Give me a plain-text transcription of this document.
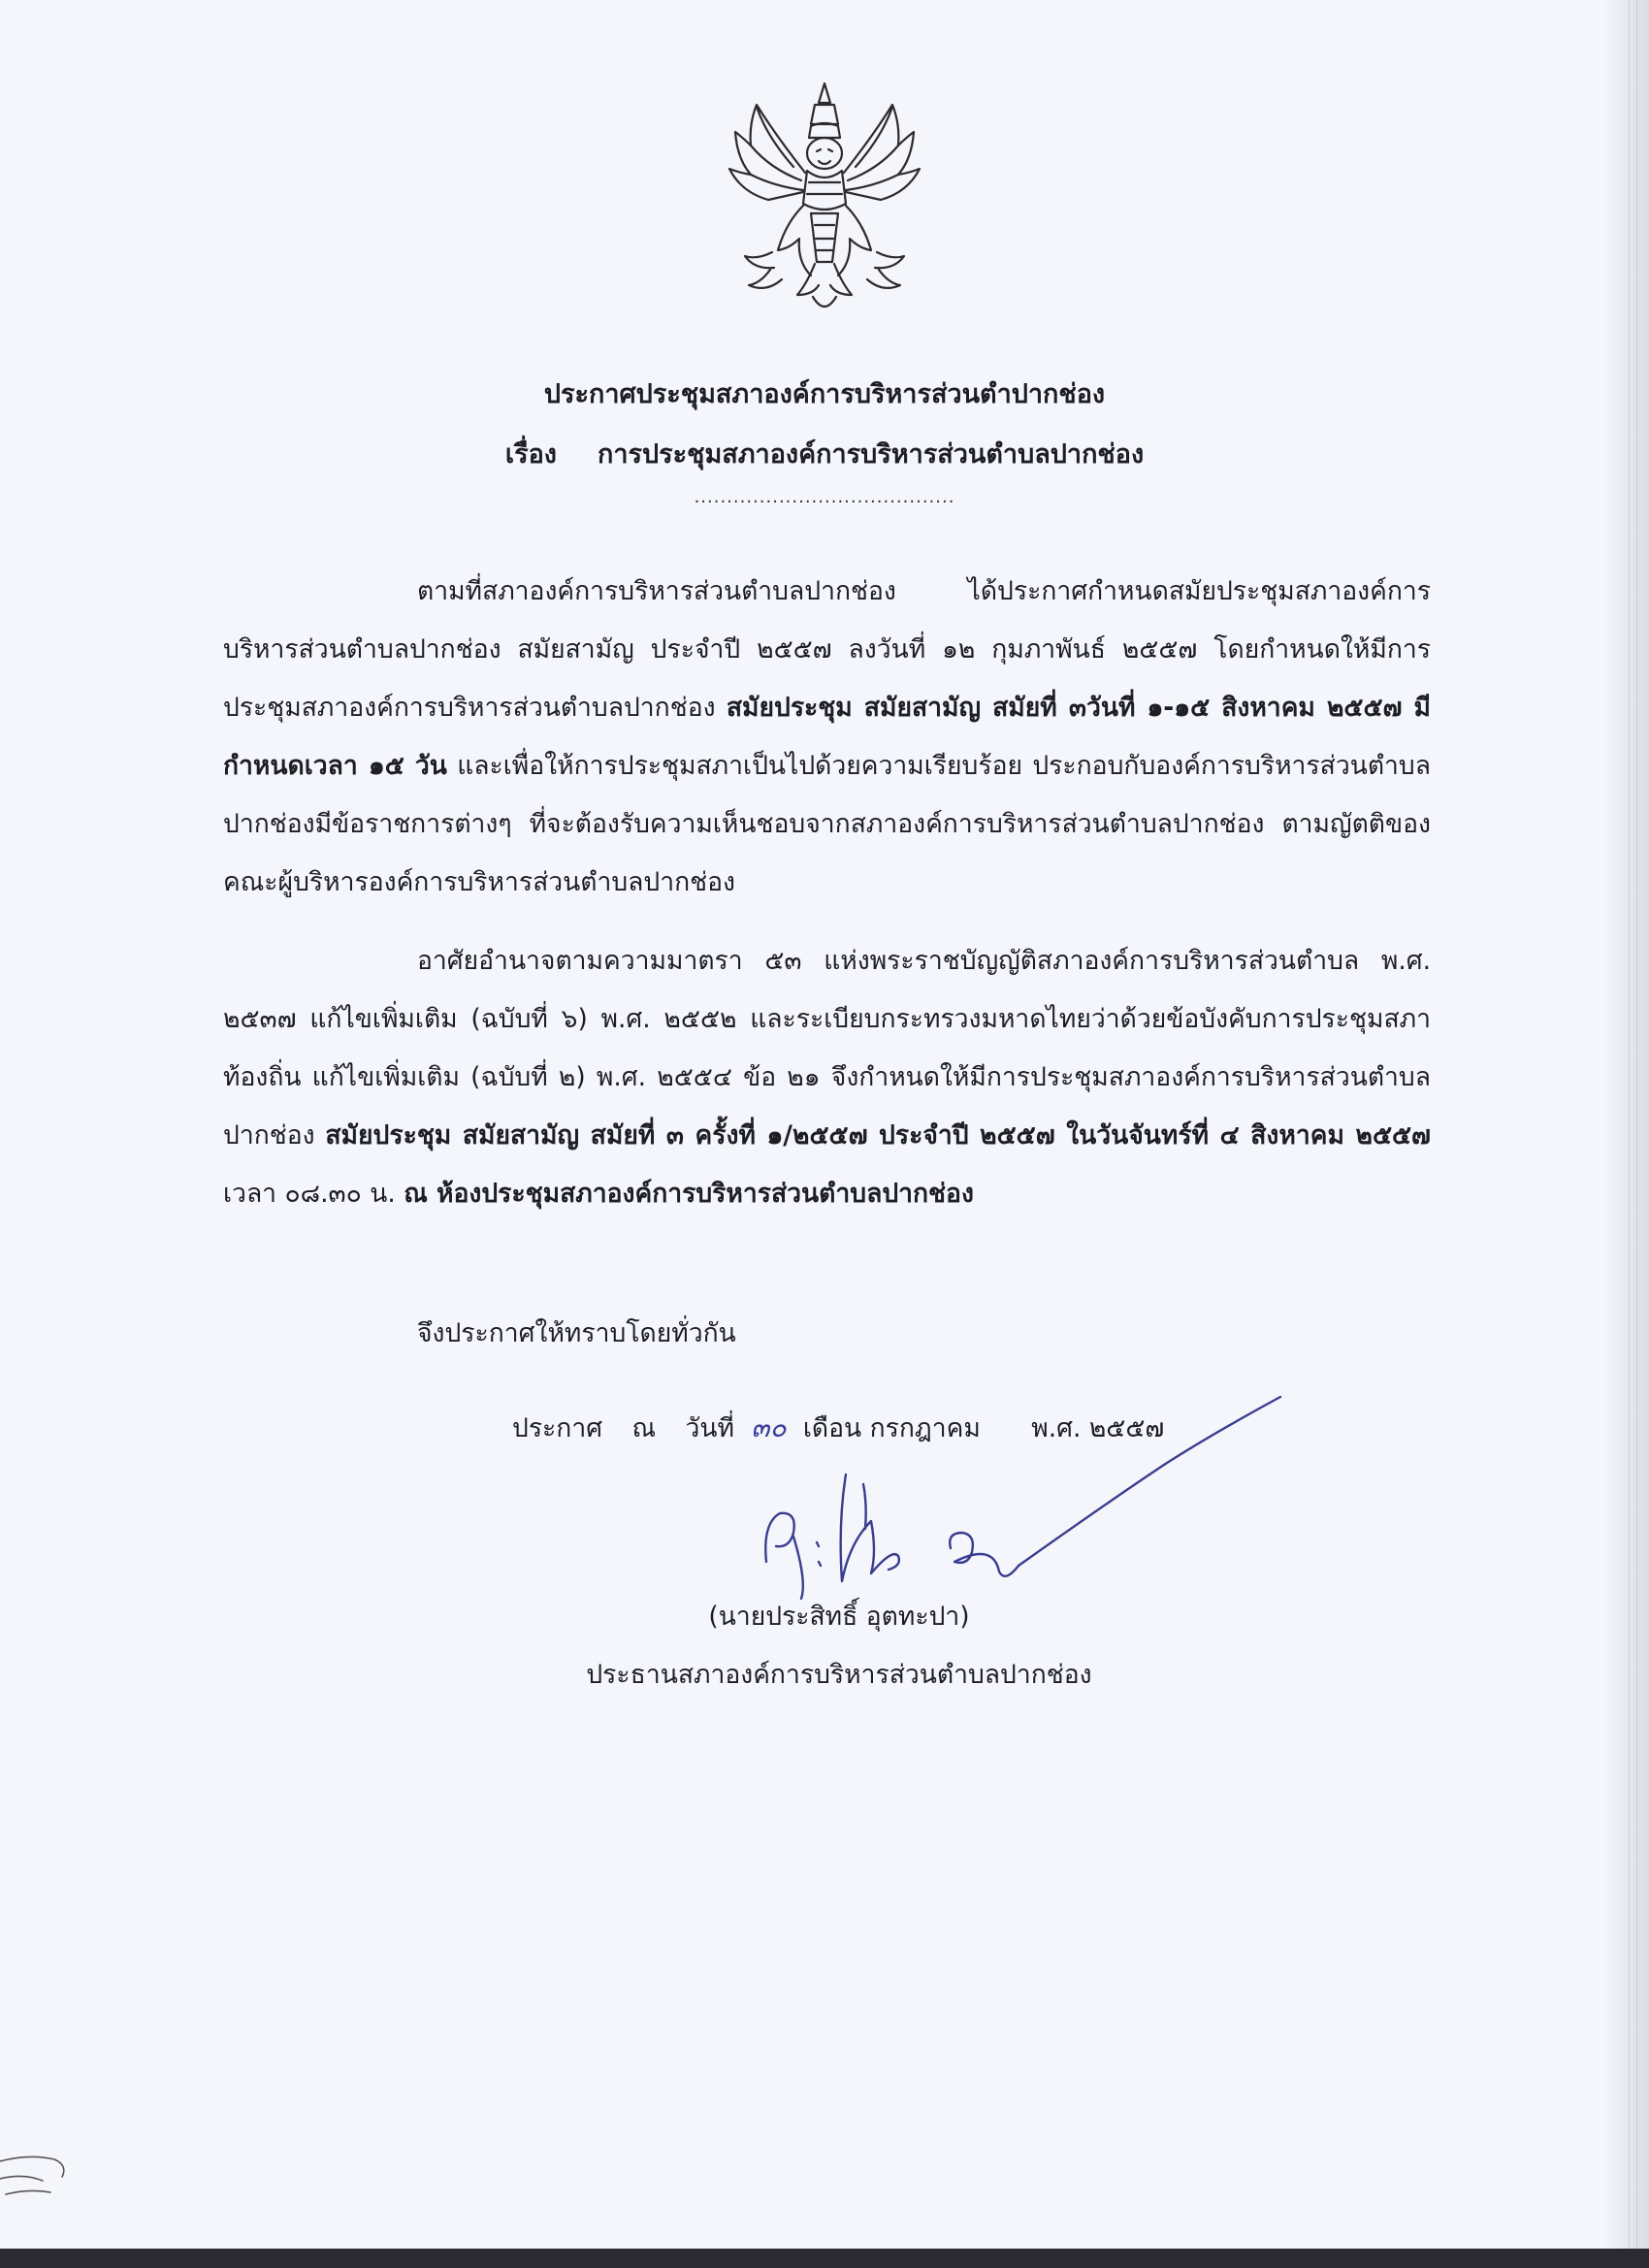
ประกาศประชุมสภาองค์การบริหารส่วนตำปากช่อง
เรื่อง การประชุมสภาองค์การบริหารส่วนตำบลปากช่อง
........................................
ตามที่สภาองค์การบริหารส่วนตำบลปากช่อง ได้ประกาศกำหนดสมัยประชุมสภาองค์การบริหารส่วนตำบลปากช่อง สมัยสามัญ ประจำปี ๒๕๕๗ ลงวันที่ ๑๒ กุมภาพันธ์ ๒๕๕๗ โดยกำหนดให้มีการประชุมสภาองค์การบริหารส่วนตำบลปากช่อง สมัยประชุม สมัยสามัญ สมัยที่ ๓วันที่ ๑-๑๕ สิงหาคม ๒๕๕๗ มีกำหนดเวลา ๑๕ วัน และเพื่อให้การประชุมสภาเป็นไปด้วยความเรียบร้อย ประกอบกับองค์การบริหารส่วนตำบลปากช่องมีข้อราชการต่างๆ ที่จะต้องรับความเห็นชอบจากสภาองค์การบริหารส่วนตำบลปากช่อง ตามญัตติของคณะผู้บริหารองค์การบริหารส่วนตำบลปากช่อง
อาศัยอำนาจตามความมาตรา ๕๓ แห่งพระราชบัญญัติสภาองค์การบริหารส่วนตำบล พ.ศ. ๒๕๓๗ แก้ไขเพิ่มเติม (ฉบับที่ ๖) พ.ศ. ๒๕๕๒ และระเบียบกระทรวงมหาดไทยว่าด้วยข้อบังคับการประชุมสภาท้องถิ่น แก้ไขเพิ่มเติม (ฉบับที่ ๒) พ.ศ. ๒๕๕๔ ข้อ ๒๑ จึงกำหนดให้มีการประชุมสภาองค์การบริหารส่วนตำบลปากช่อง สมัยประชุม สมัยสามัญ สมัยที่ ๓ ครั้งที่ ๑/๒๕๕๗ ประจำปี ๒๕๕๗ ในวันจันทร์ที่ ๔ สิงหาคม ๒๕๕๗ เวลา ๐๘.๓๐ น. ณ ห้องประชุมสภาองค์การบริหารส่วนตำบลปากช่อง
จึงประกาศให้ทราบโดยทั่วกัน
ประกาศ ณ วันที่ ๓๐ เดือน กรกฎาคม พ.ศ. ๒๕๕๗
(นายประสิทธิ์ อุตทะปา)
ประธานสภาองค์การบริหารส่วนตำบลปากช่อง
